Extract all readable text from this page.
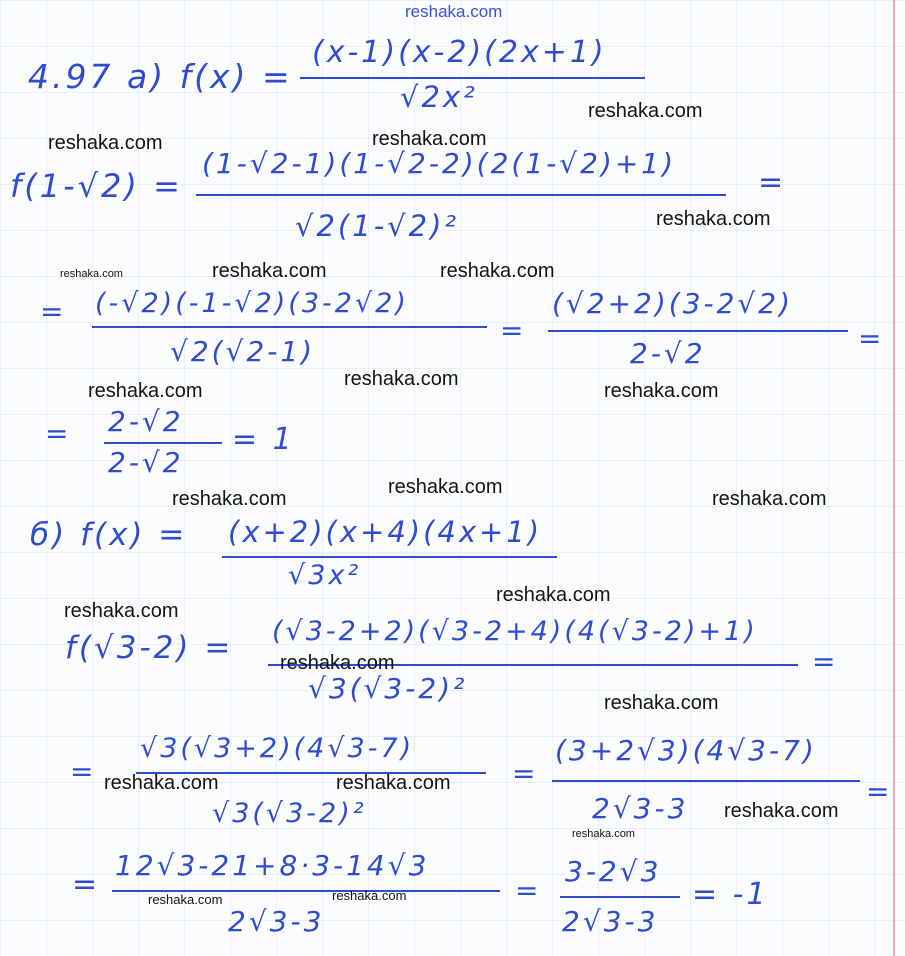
reshaka.com
4.97 а) f(x) =
(x-1)(x-2)(2x+1)
√2x²
f(1-√2) =
(1-√2-1)(1-√2-2)(2(1-√2)+1)
√2(1-√2)²
=
= (-√2)(-1-√2)(3-2√2)
√2(√2-1)
=
(√2+2)(3-2√2)
2-√2	=
= 2-√2
2-√2
= 1
б) f(x) = (x+2)(x+4)(4x+1)
√3x²
f(√3-2) = (√3-2+2)(√3-2+4)(4(√3-2)+1)
√3(√3-2)²
=
=
√3(√3+2)(4√3-7)
√3(√3-2)²
=
(3+2√3)(4√3-7)
2√3-3
=
=
12√3-21+8·3-14√3
2√3-3
=
3-2√3
2√3-3
= -1
reshaka.com
reshaka.com	reshaka.com
reshaka.com
reshaka.com	reshaka.com	reshaka.com
reshaka.com
reshaka.com
reshaka.com
reshaka.com
reshaka.com
reshaka.com
reshaka.com
reshaka.com
reshaka.com
reshaka.com
reshaka.com	reshaka.com
reshaka.com
reshaka.com
reshaka.com	reshaka.com
